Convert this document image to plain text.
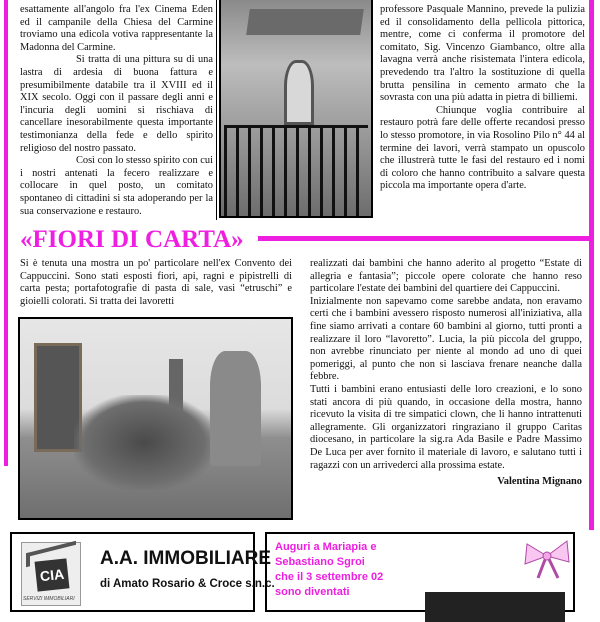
esattamente all'angolo fra l'ex Cinema Eden ed il campanile della Chiesa del Carmine troviamo una edicola votiva rappresentante la Madonna del Carmine.

Si tratta di una pittura su di una lastra di ardesia di buona fattura e presumibilmente databile tra il XVIII ed il XIX secolo. Oggi con il passare degli anni e l'incuria degli uomini si rischiava di cancellare inesorabilmente questa importante testimonianza della fede e dello spirito religioso del nostro passato.

Così con lo stesso spirito con cui i nostri antenati la fecero realizzare e collocare in quel posto, un comitato spontaneo di cittadini si sta adoperando per la sua conservazione e restauro.

professore Pasquale Mannino, prevede la pulizia ed il consolidamento della pellicola pittorica, mentre, come ci conferma il promotore del comitato, Sig. Vincenzo Giambanco, oltre alla lavagna verrà anche risistemata l'intera edicola, prevedendo tra l'altro la sostituzione di quella brutta pensilina in cemento armato che la sovrasta con una più adatta in pietra di billiemi.

Chiunque voglia contribuire al restauro potrà fare delle offerte recandosi presso lo stesso promotore, in via Rosolino Pilo n° 44 al termine dei lavori, verrà stampato un opuscolo che illustrerà tutte le fasi del restauro ed i nomi di coloro che hanno contribuito a salvare questa piccola ma importante opera d'arte.

«FIORI DI CARTA»
Si è tenuta una mostra un po' particolare nell'ex Convento dei Cappuccini. Sono stati esposti fiori, api, ragni e pipistrelli di carta pesta; portafotografie di pasta di sale, vasi “etruschi” e gioielli colorati. Si tratta dei lavoretti

realizzati dai bambini che hanno aderito al progetto “Estate di allegria e fantasia”; piccole opere colorate che hanno reso particolare l'estate dei bambini del quartiere dei Cappuccini.

Inizialmente non sapevamo come sarebbe andata, non eravamo certi che i bambini avessero risposto numerosi all'iniziativa, alla fine siamo arrivati a contare 60 bambini al giorno, tutti pronti a realizzare il loro “lavoretto”. Lucia, la più piccola del gruppo, non avrebbe rinunciato per niente al mondo ad uno di quei pomeriggi, al punto che non si lasciava frenare neanche dalla febbre.

Tutti i bambini erano entusiasti delle loro creazioni, e lo sono stati ancora di più quando, in occasione della mostra, hanno ricevuto la visita di tre simpatici clown, che li hanno intrattenuti allegramente. Gli organizzatori ringraziano il gruppo Caritas diocesano, in particolare la sig.ra Ada Basile e Padre Massimo De Luca per aver fornito il materiale di lavoro, e salutano tutti i ragazzi con un arrivederci alla prossima estate.

Valentina Mignano

CIA
SERVIZI IMMOBILIARI
A.A. IMMOBILIARE
di Amato Rosario & Croce s.n.c.
Auguri a Mariapia e
Sebastiano Sgroi
che il 3 settembre 02
sono diventati
